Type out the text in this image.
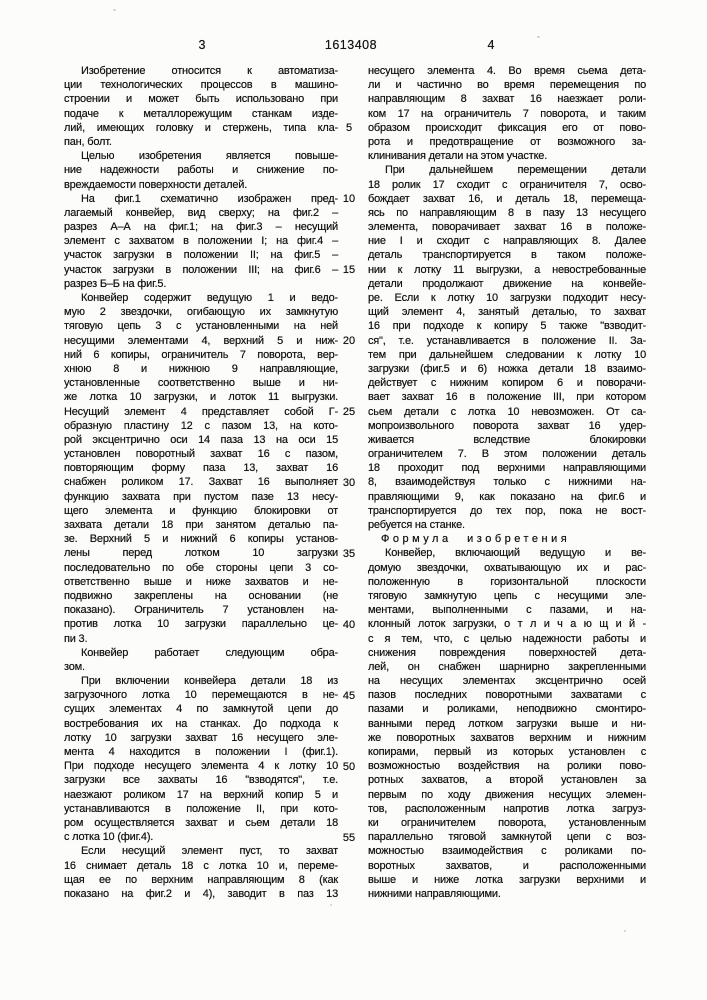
3	1613408	4
Изобретение относится к автоматиза-
ции технологических процессов в машино-
строении и может быть использовано при
подаче к металлорежущим станкам изде-
лий, имеющих головку и стержень, типа кла-
пан, болт.
Целью изобретения является повыше-
ние надежности работы и снижение по-
вреждаемости поверхности деталей.
На фиг.1 схематично изображен пред-
лагаемый конвейер, вид сверху; на фиг.2 –
разрез А–А на фиг.1; на фиг.3 – несущий
элемент с захватом в положении I; на фиг.4 –
участок загрузки в положении II; на фиг.5 –
участок загрузки в положении III; на фиг.6 –
разрез Б–Б на фиг.5.
Конвейер содержит ведущую 1 и ведо-
мую 2 звездочки, огибающую их замкнутую
тяговую цепь 3 с установленными на ней
несущими элементами 4, верхний 5 и ниж-
ний 6 копиры, ограничитель 7 поворота, вер-
хнюю 8 и нижнюю 9 направляющие,
установленные соответственно выше и ни-
же лотка 10 загрузки, и лоток 11 выгрузки.
Несущий элемент 4 представляет собой Г-
образную пластину 12 с пазом 13, на кото-
рой эксцентрично оси 14 паза 13 на оси 15
установлен поворотный захват 16 с пазом,
повторяющим форму паза 13, захват 16
снабжен роликом 17. Захват 16 выполняет
функцию захвата при пустом пазе 13 несу-
щего элемента и функцию блокировки от
захвата детали 18 при занятом деталью па-
зе. Верхний 5 и нижний 6 копиры установ-
лены перед лотком 10 загрузки
последовательно по обе стороны цепи 3 со-
ответственно выше и ниже захватов и не-
подвижно закреплены на основании (не
показано). Ограничитель 7 установлен на-
против лотка 10 загрузки параллельно це-
пи 3.
Конвейер работает следующим обра-
зом.
При включении конвейера детали 18 из
загрузочного лотка 10 перемещаются в не-
сущих элементах 4 по замкнутой цепи до
востребования их на станках. До подхода к
лотку 10 загрузки захват 16 несущего эле-
мента 4 находится в положении I (фиг.1).
При подходе несущего элемента 4 к лотку 10
загрузки все захваты 16 "взводятся", т.е.
наезжают роликом 17 на верхний копир 5 и
устанавливаются в положение II, при кото-
ром осуществляется захват и сьем детали 18
с лотка 10 (фиг.4).
Если несущий элемент пуст, то захват
16 снимает деталь 18 с лотка 10 и, переме-
щая ее по верхним направляющим 8 (как
показано на фиг.2 и 4), заводит в паз 13
5
10
15
20
25
30
35
40
45
50
55
несущего элемента 4. Во время сьема дета-
ли и частично во время перемещения по
направляющим 8 захват 16 наезжает роли-
ком 17 на ограничитель 7 поворота, и таким
образом происходит фиксация его от пово-
рота и предотвращение от возможного за-
клинивания детали на этом участке.
При дальнейшем перемещении детали
18 ролик 17 сходит с ограничителя 7, осво-
бождает захват 16, и деталь 18, перемеща-
ясь по направляющим 8 в пазу 13 несущего
элемента, поворачивает захват 16 в положе-
ние I и сходит с направляющих 8. Далее
деталь транспортируется в таком положе-
нии к лотку 11 выгрузки, а невостребованные
детали продолжают движение на конвейе-
ре. Если к лотку 10 загрузки подходит несу-
щий элемент 4, занятый деталью, то захват
16 при подходе к копиру 5 также "взводит-
ся", т.е. устанавливается в положение II. За-
тем при дальнейшем следовании к лотку 10
загрузки (фиг.5 и 6) ножка детали 18 взаимо-
действует с нижним копиром 6 и поворачи-
вает захват 16 в положение III, при котором
сьем детали с лотка 10 невозможен. От са-
мопроизвольного поворота захват 16 удер-
живается вследствие блокировки
ограничителем 7. В этом положении деталь
18 проходит под верхними направляющими
8, взаимодействуя только с нижними на-
правляющими 9, как показано на фиг.6 и
транспортируется до тех пор, пока не вост-
ребуется на станке.
Формула изобретения
Конвейер, включающий ведущую и ве-
домую звездочки, охватывающую их и рас-
положенную в горизонтальной плоскости
тяговую замкнутую цепь с несущими эле-
ментами, выполненными с пазами, и на-
клонный лоток загрузки, о т л и ч а ю щ и й -
с я тем, что, с целью надежности работы и
снижения повреждения поверхностей дета-
лей, он снабжен шарнирно закрепленными
на несущих элементах эксцентрично осей
пазов последних поворотными захватами с
пазами и роликами, неподвижно смонтиро-
ванными перед лотком загрузки выше и ни-
же поворотных захватов верхним и нижним
копирами, первый из которых установлен с
возможностью воздействия на ролики пово-
ротных захватов, а второй установлен за
первым по ходу движения несущих элемен-
тов, расположенным напротив лотка загруз-
ки ограничителем поворота, установленным
параллельно тяговой замкнутой цепи с воз-
можностью взаимодействия с роликами по-
воротных захватов, и расположенными
выше и ниже лотка загрузки верхними и
нижними направляющими.
